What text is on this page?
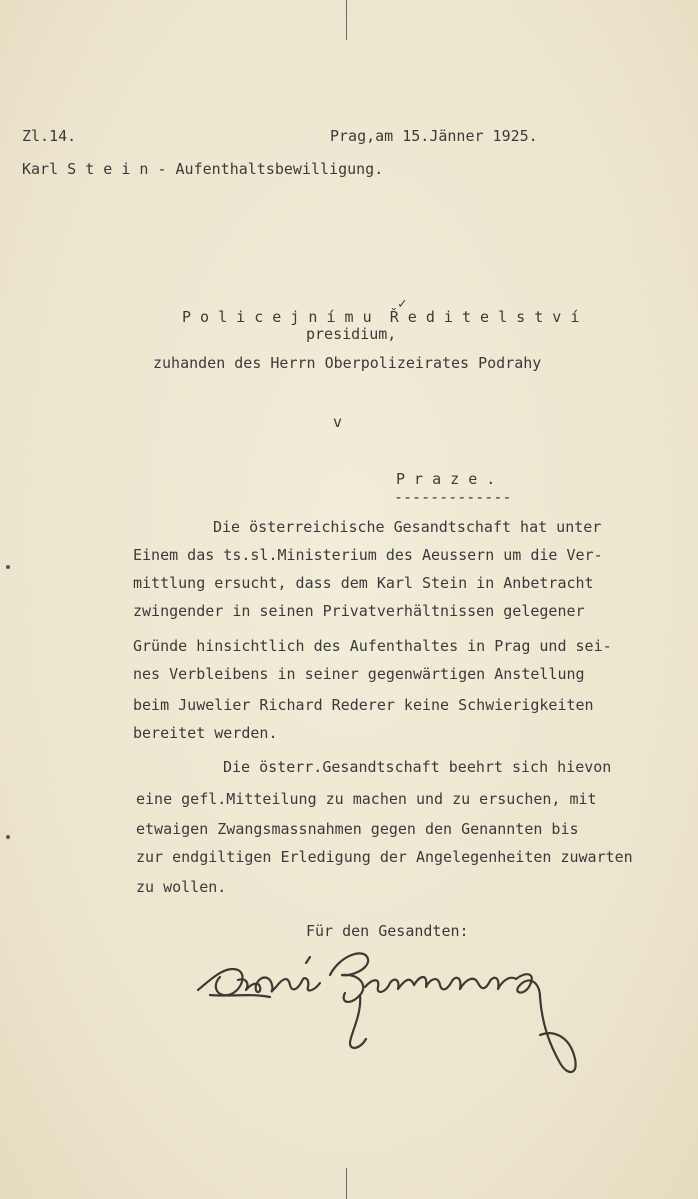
Zl.14.	Prag,am 15.Jänner 1925.
Karl S t e i n - Aufenthaltsbewilligung.
✓
P o l i c e j n í m u  Ř e d i t e l s t v í
presidium,
zuhanden des Herrn Oberpolizeirates Podrahy
v
P r a z e .
-------------
Die österreichische Gesandtschaft hat unter
Einem das ts.sl.Ministerium des Aeussern um die Ver-
mittlung ersucht, dass dem Karl Stein in Anbetracht
zwingender in seinen Privatverhältnissen gelegener
Gründe hinsichtlich des Aufenthaltes in Prag und sei-
nes Verbleibens in seiner gegenwärtigen Anstellung
beim Juwelier Richard Rederer keine Schwierigkeiten
bereitet werden.
Die österr.Gesandtschaft beehrt sich hievon
eine gefl.Mitteilung zu machen und zu ersuchen, mit
etwaigen Zwangsmassnahmen gegen den Genannten bis
zur endgiltigen Erledigung der Angelegenheiten zuwarten
zu wollen.
Für den Gesandten:
